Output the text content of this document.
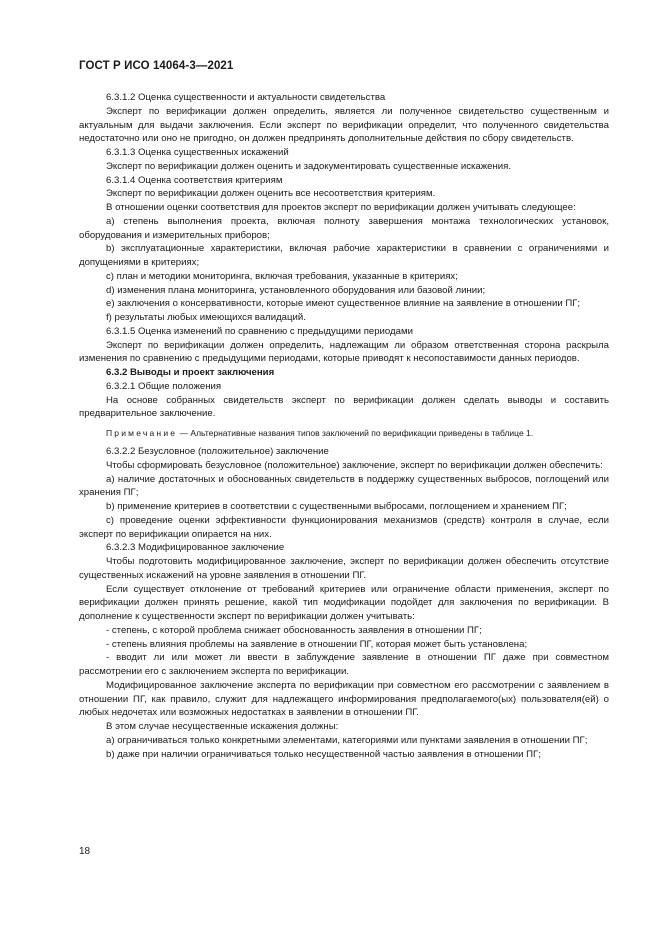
ГОСТ Р ИСО 14064-3—2021

6.3.1.2 Оценка существенности и актуальности свидетельства

Эксперт по верификации должен определить, является ли полученное свидетельство существенным и актуальным для выдачи заключения. Если эксперт по верификации определит, что полученного свидетельства недостаточно или оно не пригодно, он должен предпринять дополнительные действия по сбору свидетельств.

6.3.1.3 Оценка существенных искажений

Эксперт по верификации должен оценить и задокументировать существенные искажения.

6.3.1.4 Оценка соответствия критериям

Эксперт по верификации должен оценить все несоответствия критериям.

В отношении оценки соответствия для проектов эксперт по верификации должен учитывать следующее:

а) степень выполнения проекта, включая полноту завершения монтажа технологических установок, оборудования и измерительных приборов;

b) эксплуатационные характеристики, включая рабочие характеристики в сравнении с ограничениями и допущениями в критериях;

c) план и методики мониторинга, включая требования, указанные в критериях;

d) изменения плана мониторинга, установленного оборудования или базовой линии;

e) заключения о консервативности, которые имеют существенное влияние на заявление в отношении ПГ;

f) результаты любых имеющихся валидаций.

6.3.1.5 Оценка изменений по сравнению с предыдущими периодами

Эксперт по верификации должен определить, надлежащим ли образом ответственная сторона раскрыла изменения по сравнению с предыдущими периодами, которые приводят к несопоставимости данных периодов.

6.3.2 Выводы и проект заключения

6.3.2.1 Общие положения

На основе собранных свидетельств эксперт по верификации должен сделать выводы и составить предварительное заключение.

Примечание — Альтернативные названия типов заключений по верификации приведены в таблице 1.

6.3.2.2 Безусловное (положительное) заключение

Чтобы сформировать безусловное (положительное) заключение, эксперт по верификации должен обеспечить:

а) наличие достаточных и обоснованных свидетельств в поддержку существенных выбросов, поглощений или хранения ПГ;

b) применение критериев в соответствии с существенными выбросами, поглощением и хранением ПГ;

c) проведение оценки эффективности функционирования механизмов (средств) контроля в случае, если эксперт по верификации опирается на них.

6.3.2.3 Модифицированное заключение

Чтобы подготовить модифицированное заключение, эксперт по верификации должен обеспечить отсутствие существенных искажений на уровне заявления в отношении ПГ.

Если существует отклонение от требований критериев или ограничение области применения, эксперт по верификации должен принять решение, какой тип модификации подойдет для заключения по верификации. В дополнение к существенности эксперт по верификации должен учитывать:

- степень, с которой проблема снижает обоснованность заявления в отношении ПГ;

- степень влияния проблемы на заявление в отношении ПГ, которая может быть установлена;

- вводит ли или может ли ввести в заблуждение заявление в отношении ПГ даже при совместном рассмотрении его с заключением эксперта по верификации.

Модифицированное заключение эксперта по верификации при совместном его рассмотрении с заявлением в отношении ПГ, как правило, служит для надлежащего информирования предполагаемого(ых) пользователя(ей) о любых недочетах или возможных недостатках в заявлении в отношении ПГ.

В этом случае несущественные искажения должны:

а) ограничиваться только конкретными элементами, категориями или пунктами заявления в отношении ПГ;

b) даже при наличии ограничиваться только несущественной частью заявления в отношении ПГ;

18
